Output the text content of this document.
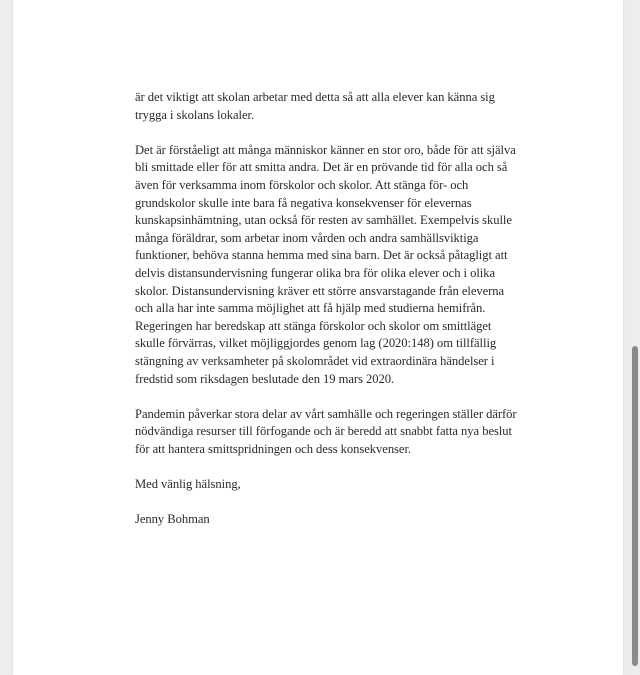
är det viktigt att skolan arbetar med detta så att alla elever kan känna sig
trygga i skolans lokaler.

Det är förståeligt att många människor känner en stor oro, både för att själva
bli smittade eller för att smitta andra. Det är en prövande tid för alla och så
även för verksamma inom förskolor och skolor. Att stänga för- och
grundskolor skulle inte bara få negativa konsekvenser för elevernas
kunskapsinhämtning, utan också för resten av samhället. Exempelvis skulle
många föräldrar, som arbetar inom vården och andra samhällsviktiga
funktioner, behöva stanna hemma med sina barn. Det är också påtagligt att
delvis distansundervisning fungerar olika bra för olika elever och i olika
skolor. Distansundervisning kräver ett större ansvarstagande från eleverna
och alla har inte samma möjlighet att få hjälp med studierna hemifrån.
Regeringen har beredskap att stänga förskolor och skolor om smittläget
skulle förvärras, vilket möjliggjordes genom lag (2020:148) om tillfällig
stängning av verksamheter på skolområdet vid extraordinära händelser i
fredstid som riksdagen beslutade den 19 mars 2020.

Pandemin påverkar stora delar av vårt samhälle och regeringen ställer därför
nödvändiga resurser till förfogande och är beredd att snabbt fatta nya beslut
för att hantera smittspridningen och dess konsekvenser.

Med vänlig hälsning,

Jenny Bohman
